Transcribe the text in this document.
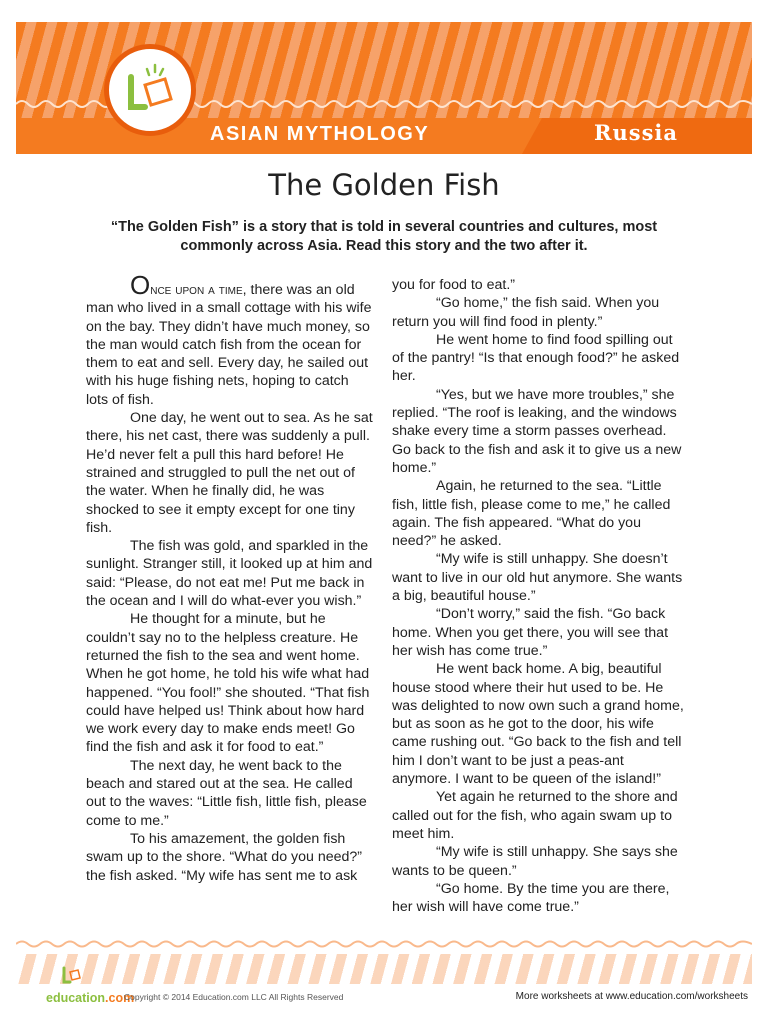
ASIAN MYTHOLOGY	Russia
The Golden Fish
“The Golden Fish” is a story that is told in several countries and cultures, most commonly across Asia. Read this story and the two after it.

Once upon a time, there was an old man who lived in a small cottage with his wife on the bay. They didn’t have much money, so the man would catch fish from the ocean for them to eat and sell. Every day, he sailed out with his huge fishing nets, hoping to catch lots of fish.

One day, he went out to sea. As he sat there, his net cast, there was suddenly a pull. He’d never felt a pull this hard before! He strained and struggled to pull the net out of the water. When he finally did, he was shocked to see it empty except for one tiny fish.

The fish was gold, and sparkled in the sunlight. Stranger still, it looked up at him and said: “Please, do not eat me! Put me back in the ocean and I will do what-ever you wish.”

He thought for a minute, but he couldn’t say no to the helpless creature. He returned the fish to the sea and went home. When he got home, he told his wife what had happened. “You fool!” she shouted. “That fish could have helped us! Think about how hard we work every day to make ends meet! Go find the fish and ask it for food to eat.”

The next day, he went back to the beach and stared out at the sea. He called out to the waves: “Little fish, little fish, please come to me.”

To his amazement, the golden fish swam up to the shore. “What do you need?” the fish asked. “My wife has sent me to ask

you for food to eat.”

“Go home,” the fish said. When you return you will find food in plenty.”

He went home to find food spilling out of the pantry! “Is that enough food?” he asked her.

“Yes, but we have more troubles,” she replied. “The roof is leaking, and the windows shake every time a storm passes overhead. Go back to the fish and ask it to give us a new home.”

Again, he returned to the sea. “Little fish, little fish, please come to me,” he called again. The fish appeared. “What do you need?” he asked.

“My wife is still unhappy. She doesn’t want to live in our old hut anymore. She wants a big, beautiful house.”

“Don’t worry,” said the fish. “Go back home. When you get there, you will see that her wish has come true.”

He went back home. A big, beautiful house stood where their hut used to be. He was delighted to now own such a grand home, but as soon as he got to the door, his wife came rushing out. “Go back to the fish and tell him I don’t want to be just a peas-ant anymore. I want to be queen of the island!”

Yet again he returned to the shore and called out for the fish, who again swam up to meet him.

“My wife is still unhappy. She says she wants to be queen.”

“Go home. By the time you are there, her wish will have come true.”

education.com
Copyright © 2014 Education.com LLC All Rights Reserved	More worksheets at www.education.com/worksheets
